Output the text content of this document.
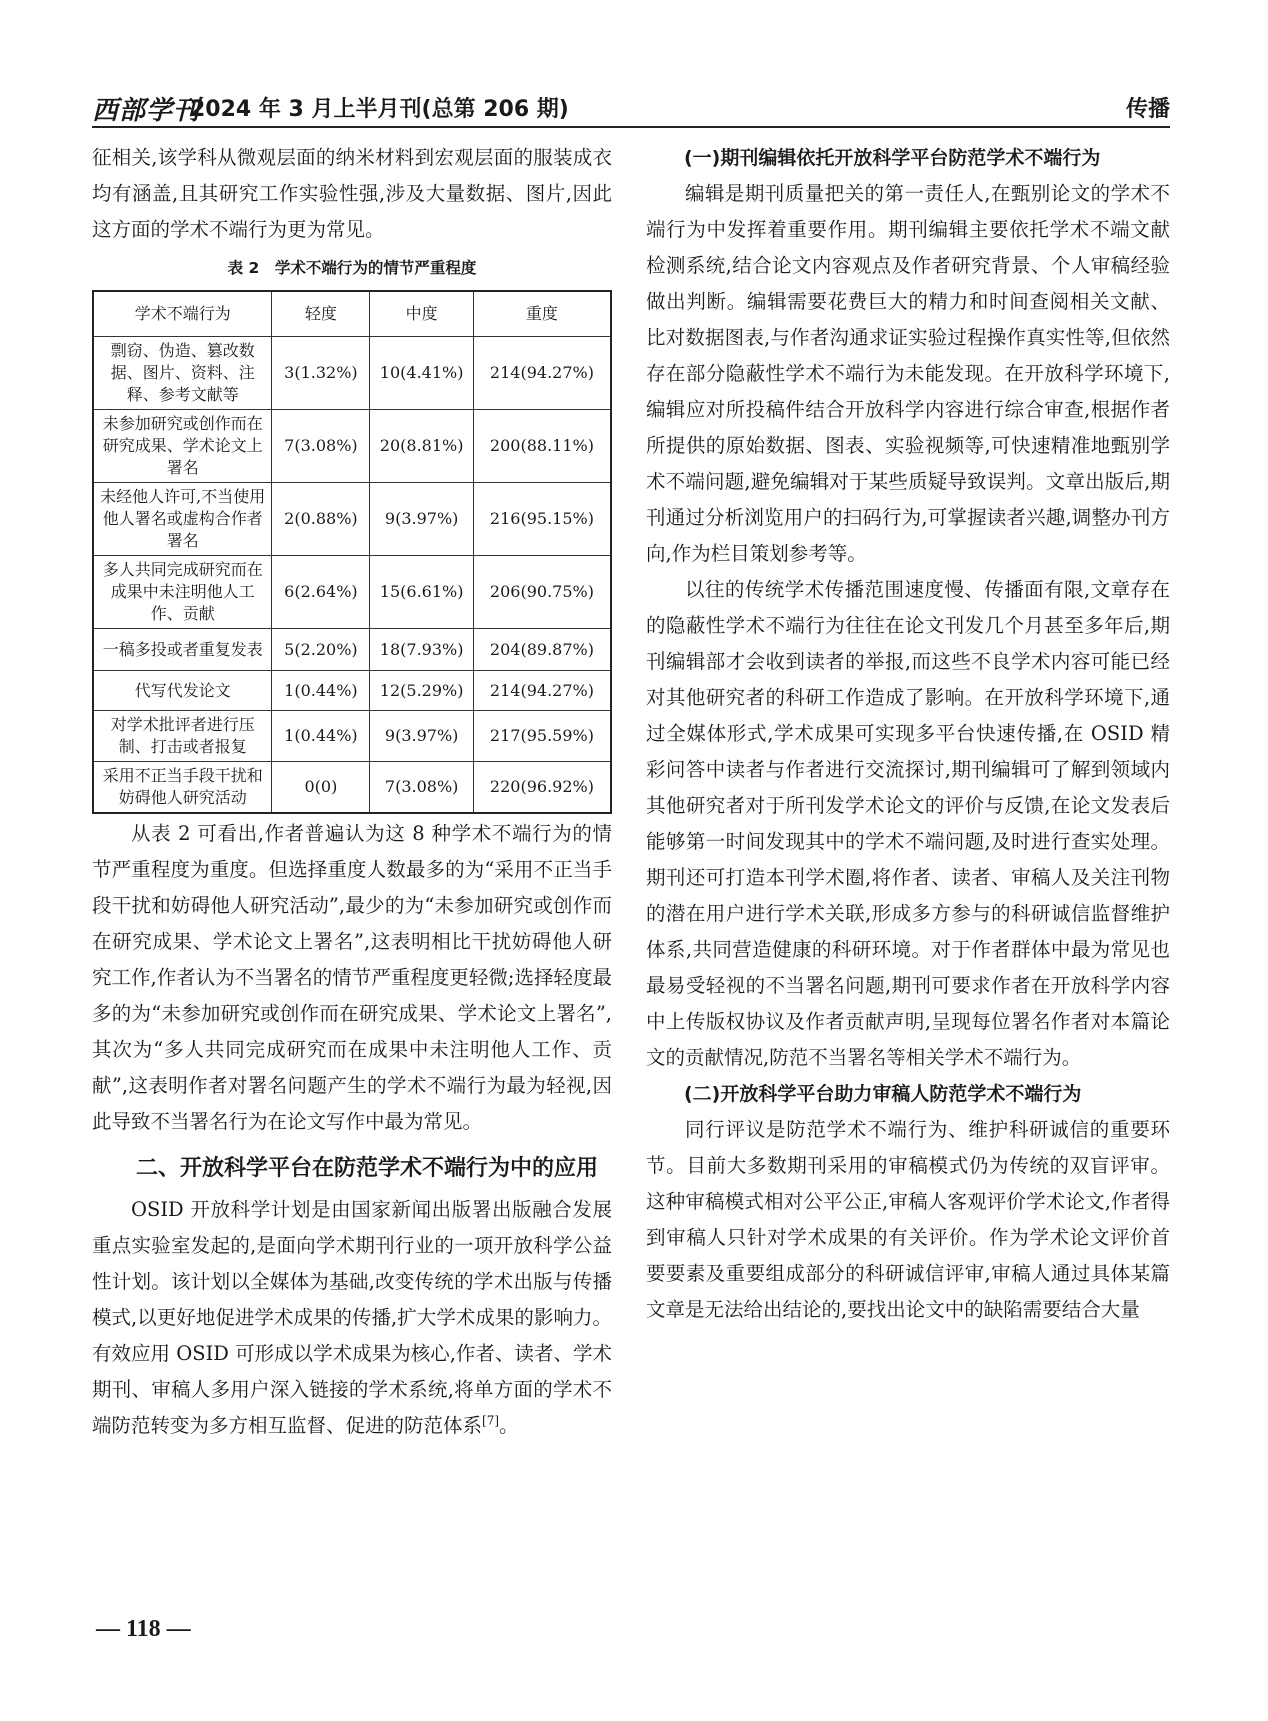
西部学刊
2024 年 3 月上半月刊(总第 206 期)	传播

征相关,该学科从微观层面的纳米材料到宏观层面的服装成衣均有涵盖,且其研究工作实验性强,涉及大量数据、图片,因此这方面的学术不端行为更为常见。

表 2　学术不端行为的情节严重程度
学术不端行为	轻度	中度	重度
剽窃、伪造、篡改数据、图片、资料、注释、参考文献等	3(1.32%)	10(4.41%)	214(94.27%)
未参加研究或创作而在研究成果、学术论文上署名	7(3.08%)	20(8.81%)	200(88.11%)
未经他人许可,不当使用他人署名或虚构合作者署名	2(0.88%)	9(3.97%)	216(95.15%)
多人共同完成研究而在成果中未注明他人工作、贡献	6(2.64%)	15(6.61%)	206(90.75%)
一稿多投或者重复发表	5(2.20%)	18(7.93%)	204(89.87%)
代写代发论文	1(0.44%)	12(5.29%)	214(94.27%)
对学术批评者进行压制、打击或者报复	1(0.44%)	9(3.97%)	217(95.59%)
采用不正当手段干扰和妨碍他人研究活动	0(0)	7(3.08%)	220(96.92%)

从表 2 可看出,作者普遍认为这 8 种学术不端行为的情节严重程度为重度。但选择重度人数最多的为“采用不正当手段干扰和妨碍他人研究活动”,最少的为“未参加研究或创作而在研究成果、学术论文上署名”,这表明相比干扰妨碍他人研究工作,作者认为不当署名的情节严重程度更轻微;选择轻度最多的为“未参加研究或创作而在研究成果、学术论文上署名”,其次为“多人共同完成研究而在成果中未注明他人工作、贡献”,这表明作者对署名问题产生的学术不端行为最为轻视,因此导致不当署名行为在论文写作中最为常见。

二、开放科学平台在防范学术不端行为中的应用

OSID 开放科学计划是由国家新闻出版署出版融合发展重点实验室发起的,是面向学术期刊行业的一项开放科学公益性计划。该计划以全媒体为基础,改变传统的学术出版与传播模式,以更好地促进学术成果的传播,扩大学术成果的影响力。有效应用 OSID 可形成以学术成果为核心,作者、读者、学术期刊、审稿人多用户深入链接的学术系统,将单方面的学术不端防范转变为多方相互监督、促进的防范体系[7]。

(一)期刊编辑依托开放科学平台防范学术不端行为

编辑是期刊质量把关的第一责任人,在甄别论文的学术不端行为中发挥着重要作用。期刊编辑主要依托学术不端文献检测系统,结合论文内容观点及作者研究背景、个人审稿经验做出判断。编辑需要花费巨大的精力和时间查阅相关文献、比对数据图表,与作者沟通求证实验过程操作真实性等,但依然存在部分隐蔽性学术不端行为未能发现。在开放科学环境下,编辑应对所投稿件结合开放科学内容进行综合审查,根据作者所提供的原始数据、图表、实验视频等,可快速精准地甄别学术不端问题,避免编辑对于某些质疑导致误判。文章出版后,期刊通过分析浏览用户的扫码行为,可掌握读者兴趣,调整办刊方向,作为栏目策划参考等。

以往的传统学术传播范围速度慢、传播面有限,文章存在的隐蔽性学术不端行为往往在论文刊发几个月甚至多年后,期刊编辑部才会收到读者的举报,而这些不良学术内容可能已经对其他研究者的科研工作造成了影响。在开放科学环境下,通过全媒体形式,学术成果可实现多平台快速传播,在 OSID 精彩问答中读者与作者进行交流探讨,期刊编辑可了解到领域内其他研究者对于所刊发学术论文的评价与反馈,在论文发表后能够第一时间发现其中的学术不端问题,及时进行查实处理。期刊还可打造本刊学术圈,将作者、读者、审稿人及关注刊物的潜在用户进行学术关联,形成多方参与的科研诚信监督维护体系,共同营造健康的科研环境。对于作者群体中最为常见也最易受轻视的不当署名问题,期刊可要求作者在开放科学内容中上传版权协议及作者贡献声明,呈现每位署名作者对本篇论文的贡献情况,防范不当署名等相关学术不端行为。

(二)开放科学平台助力审稿人防范学术不端行为

同行评议是防范学术不端行为、维护科研诚信的重要环节。目前大多数期刊采用的审稿模式仍为传统的双盲评审。这种审稿模式相对公平公正,审稿人客观评价学术论文,作者得到审稿人只针对学术成果的有关评价。作为学术论文评价首要要素及重要组成部分的科研诚信评审,审稿人通过具体某篇文章是无法给出结论的,要找出论文中的缺陷需要结合大量

— 118 —
